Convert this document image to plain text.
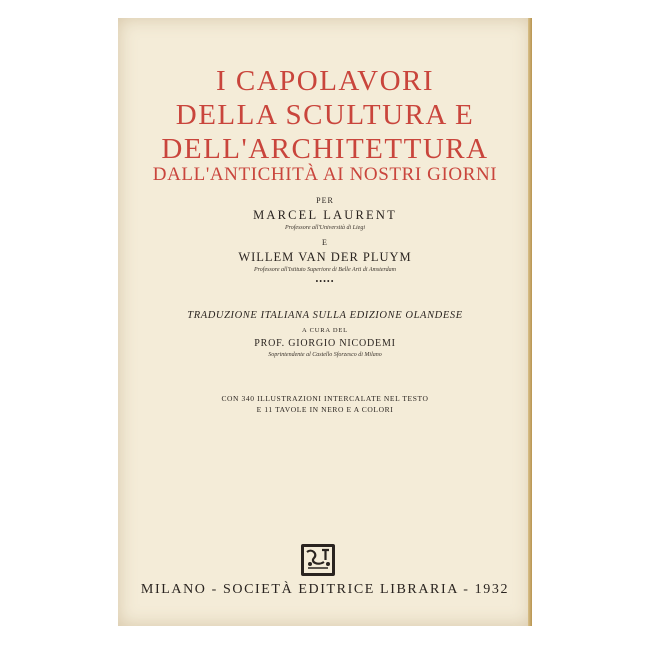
I CAPOLAVORI
DELLA SCULTURA E
DELL'ARCHITETTURA
DALL'ANTICHITÀ AI NOSTRI GIORNI
PER
MARCEL LAURENT
Professore all'Università di Liegi
E
WILLEM VAN DER PLUYM
Professore all'Istituto Superiore di Belle Arti di Amsterdam
•••••
TRADUZIONE ITALIANA SULLA EDIZIONE OLANDESE
A CURA DEL
PROF. GIORGIO NICODEMI
Soprintendente al Castello Sforzesco di Milano
CON 340 ILLUSTRAZIONI INTERCALATE NEL TESTO
E 11 TAVOLE IN NERO E A COLORI
MILANO - SOCIETÀ EDITRICE LIBRARIA - 1932
